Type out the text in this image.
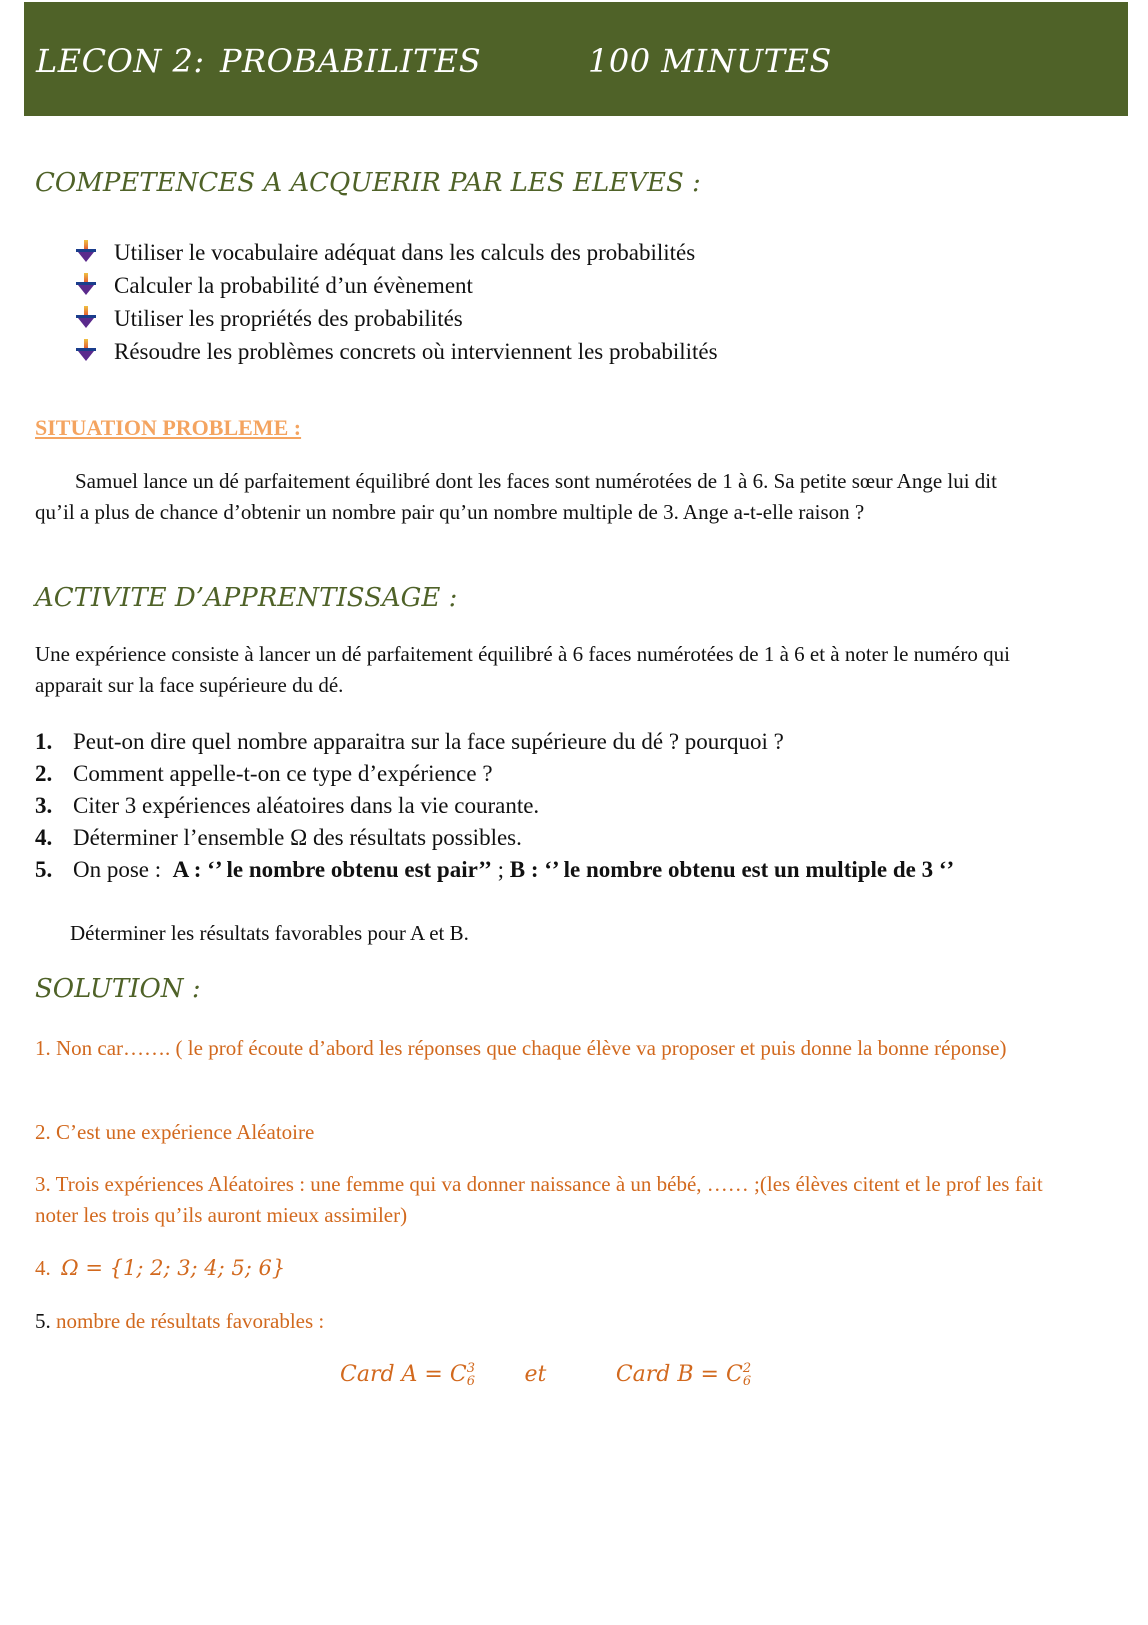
LECON 2: PROBABILITES	100 MINUTES
COMPETENCES A ACQUERIR PAR LES ELEVES :
Utiliser le vocabulaire adéquat dans les calculs des probabilités
Calculer la probabilité d’un évènement
Utiliser les propriétés des probabilités
Résoudre les problèmes concrets où interviennent les probabilités
SITUATION PROBLEME :

Samuel lance un dé parfaitement équilibré dont les faces sont numérotées de 1 à 6. Sa petite sœur Ange lui dit qu’il a plus de chance d’obtenir un nombre pair qu’un nombre multiple de 3. Ange a-t-elle raison ?

ACTIVITE D’APPRENTISSAGE :

Une expérience consiste à lancer un dé parfaitement équilibré à 6 faces numérotées de 1 à 6 et à noter le numéro qui apparait sur la face supérieure du dé.

1. Peut-on dire quel nombre apparaitra sur la face supérieure du dé ? pourquoi ?
2. Comment appelle-t-on ce type d’expérience ?
3. Citer 3 expériences aléatoires dans la vie courante.
4. Déterminer l’ensemble Ω des résultats possibles.
5. On pose : A : ‘’ le nombre obtenu est pair’’ ; B : ‘’ le nombre obtenu est un multiple de 3 ‘’

Déterminer les résultats favorables pour A et B.

SOLUTION :

1. Non car……. ( le prof écoute d’abord les réponses que chaque élève va proposer et puis donne la bonne réponse)

2. C’est une expérience Aléatoire

3. Trois expériences Aléatoires : une femme qui va donner naissance à un bébé, …… ;(les élèves citent et le prof les fait noter les trois qu’ils auront mieux assimiler)

4. Ω = {1; 2; 3; 4; 5; 6}

5. nombre de résultats favorables :

Card A = C 3
6 et	Card B = C 2
6
